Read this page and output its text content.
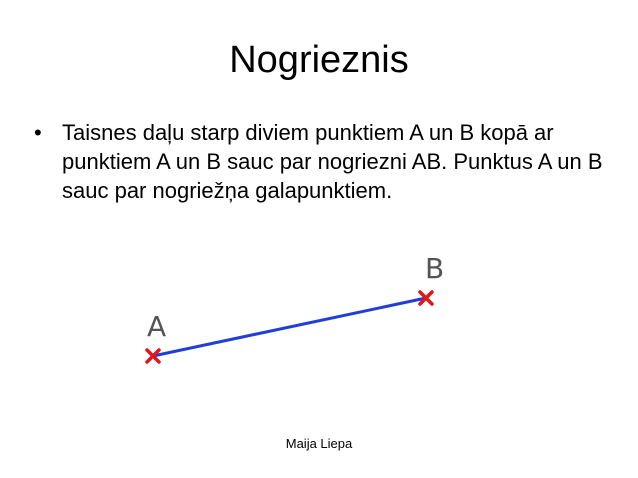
Nogrieznis
• Taisnes daļu starp diviem punktiem A un B kopā ar punktiem A un B sauc par nogriezni AB. Punktus A un B sauc par nogriežņa galapunktiem.
A
B
Maija Liepa
